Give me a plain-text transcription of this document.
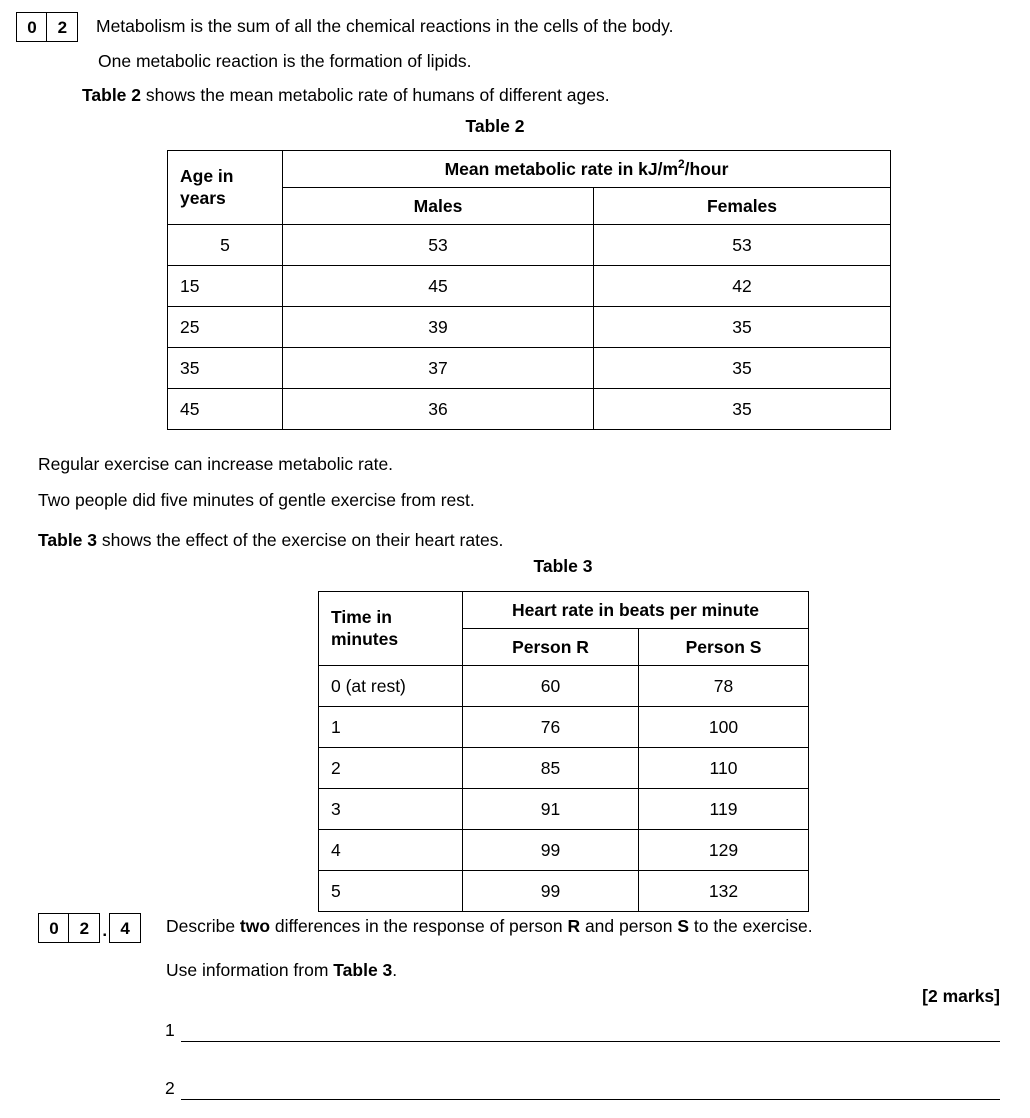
0	2	Metabolism is the sum of all the chemical reactions in the cells of the body.
One metabolic reaction is the formation of lipids.
Table 2 shows the mean metabolic rate of humans of different ages.
Table 2
Age in
years	Mean metabolic rate in $kJ/m^2$/hour	
	Males	Females
5	53	53
15	45	42
25	39	35
35	37	35
45	36	35
Regular exercise can increase metabolic rate.
Two people did five minutes of gentle exercise from rest.
Table 3 shows the effect of the exercise on their heart rates.
Table 3
Time in
minutes	Heart rate in beats per minute	
	Person R	Person S
0 (at rest)	60	78
1	76	100
2	85	110
3	91	119
4	99	129
5	99	132
0	2 . 4	Describe two differences in the response of person R and person S to the exercise.
Use information from Table 3.
[2 marks]
1
2
